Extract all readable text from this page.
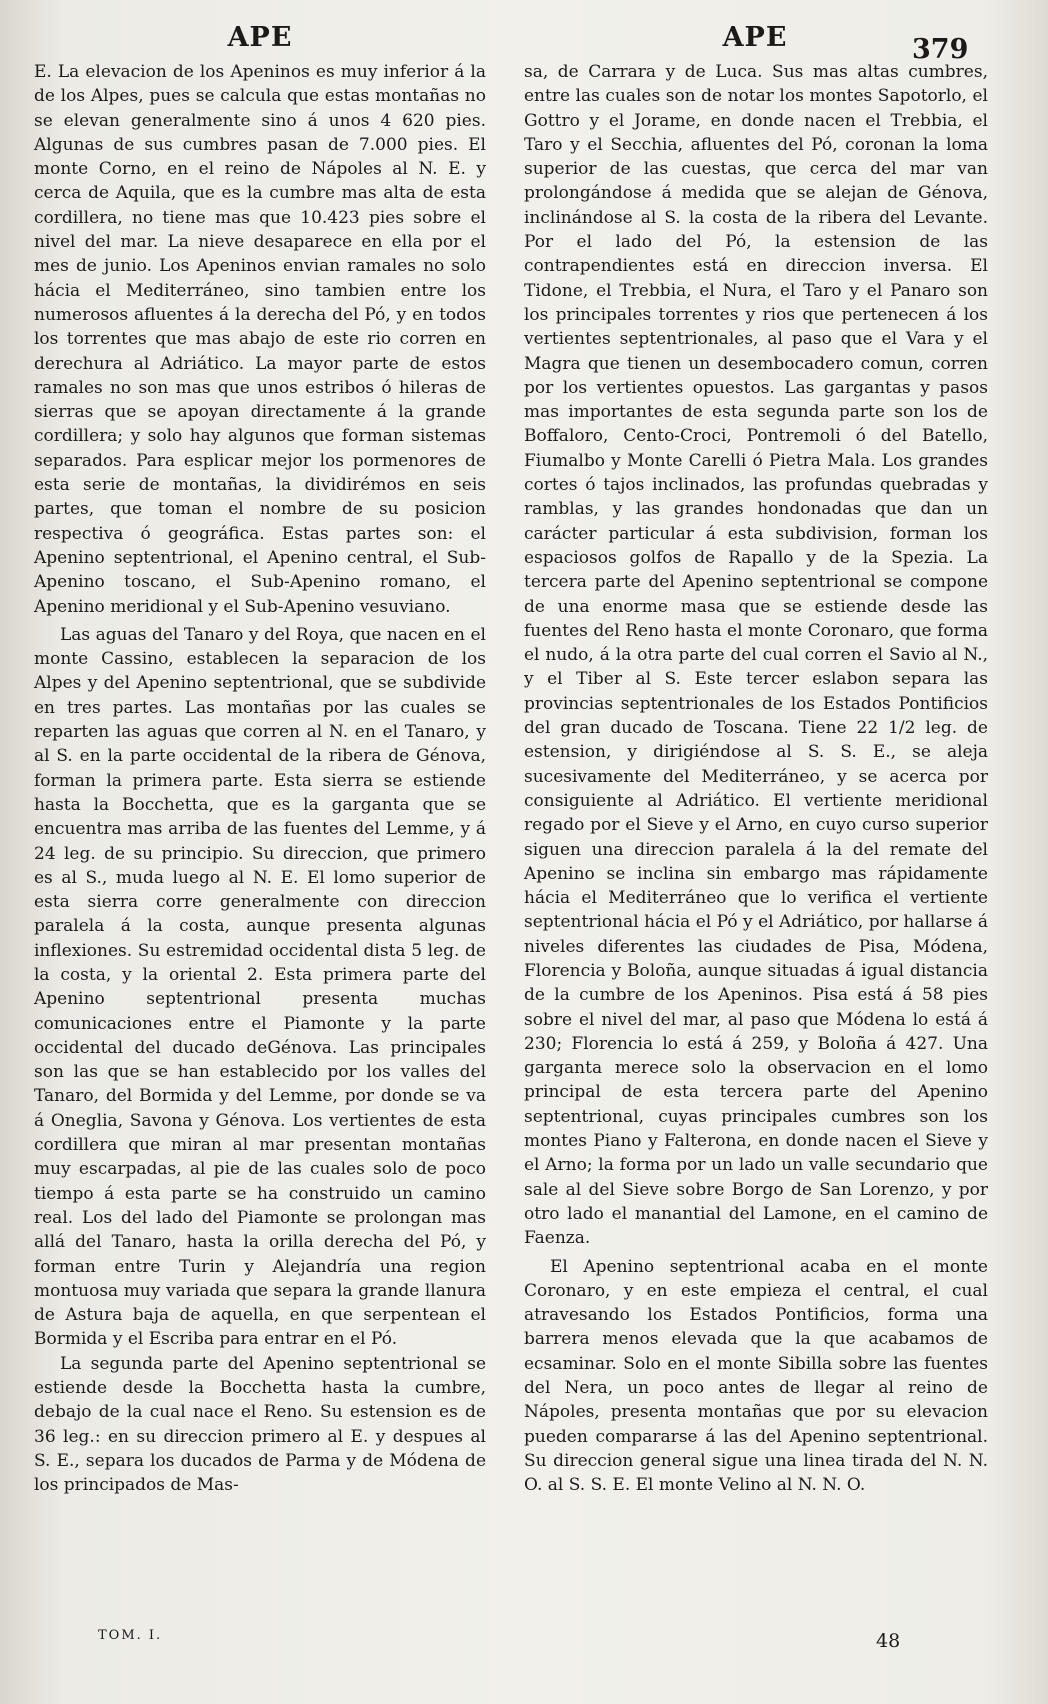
APE	APE	379

E. La elevacion de los Apeninos es muy inferior á la de los Alpes, pues se calcula que estas montañas no se elevan generalmente sino á unos 4 620 pies. Algunas de sus cumbres pasan de 7.000 pies. El monte Corno, en el reino de Nápoles al N. E. y cerca de Aquila, que es la cumbre mas alta de esta cordillera, no tiene mas que 10.423 pies sobre el nivel del mar. La nieve desaparece en ella por el mes de junio. Los Apeninos envian ramales no solo hácia el Mediterráneo, sino tambien entre los numerosos afluentes á la derecha del Pó, y en todos los torrentes que mas abajo de este rio corren en derechura al Adriático. La mayor parte de estos ramales no son mas que unos estribos ó hileras de sierras que se apoyan directamente á la grande cordillera; y solo hay algunos que forman sistemas separados. Para esplicar mejor los pormenores de esta serie de montañas, la dividirémos en seis partes, que toman el nombre de su posicion respectiva ó geográfica. Estas partes son: el Apenino septentrional, el Apenino central, el Sub-Apenino toscano, el Sub-Apenino romano, el Apenino meridional y el Sub-Apenino vesuviano.

Las aguas del Tanaro y del Roya, que nacen en el monte Cassino, establecen la separacion de los Alpes y del Apenino septentrional, que se subdivide en tres partes. Las montañas por las cuales se reparten las aguas que corren al N. en el Tanaro, y al S. en la parte occidental de la ribera de Génova, forman la primera parte. Esta sierra se estiende hasta la Bocchetta, que es la garganta que se encuentra mas arriba de las fuentes del Lemme, y á 24 leg. de su principio. Su direccion, que primero es al S., muda luego al N. E. El lomo superior de esta sierra corre generalmente con direccion paralela á la costa, aunque presenta algunas inflexiones. Su estremidad occidental dista 5 leg. de la costa, y la oriental 2. Esta primera parte del Apenino septentrional presenta muchas comunicaciones entre el Piamonte y la parte occidental del ducado deGénova. Las principales son las que se han establecido por los valles del Tanaro, del Bormida y del Lemme, por donde se va á Oneglia, Savona y Génova. Los vertientes de esta cordillera que miran al mar presentan montañas muy escarpadas, al pie de las cuales solo de poco tiempo á esta parte se ha construido un camino real. Los del lado del Piamonte se prolongan mas allá del Tanaro, hasta la orilla derecha del Pó, y forman entre Turin y Alejandría una region montuosa muy variada que separa la grande llanura de Astura baja de aquella, en que serpentean el Bormida y el Escriba para entrar en el Pó.

La segunda parte del Apenino septentrional se estiende desde la Bocchetta hasta la cumbre, debajo de la cual nace el Reno. Su estension es de 36 leg.: en su direccion primero al E. y despues al S. E., separa los ducados de Parma y de Módena de los principados de Mas-

sa, de Carrara y de Luca. Sus mas altas cumbres, entre las cuales son de notar los montes Sapotorlo, el Gottro y el Jorame, en donde nacen el Trebbia, el Taro y el Secchia, afluentes del Pó, coronan la loma superior de las cuestas, que cerca del mar van prolongándose á medida que se alejan de Génova, inclinándose al S. la costa de la ribera del Levante. Por el lado del Pó, la estension de las contrapendientes está en direccion inversa. El Tidone, el Trebbia, el Nura, el Taro y el Panaro son los principales torrentes y rios que pertenecen á los vertientes septentrionales, al paso que el Vara y el Magra que tienen un desembocadero comun, corren por los vertientes opuestos. Las gargantas y pasos mas importantes de esta segunda parte son los de Boffaloro, Cento-Croci, Pontremoli ó del Batello, Fiumalbo y Monte Carelli ó Pietra Mala. Los grandes cortes ó tajos inclinados, las profundas quebradas y ramblas, y las grandes hondonadas que dan un carácter particular á esta subdivision, forman los espaciosos golfos de Rapallo y de la Spezia. La tercera parte del Apenino septentrional se compone de una enorme masa que se estiende desde las fuentes del Reno hasta el monte Coronaro, que forma el nudo, á la otra parte del cual corren el Savio al N., y el Tiber al S. Este tercer eslabon separa las provincias septentrionales de los Estados Pontificios del gran ducado de Toscana. Tiene 22 1/2 leg. de estension, y dirigiéndose al S. S. E., se aleja sucesivamente del Mediterráneo, y se acerca por consiguiente al Adriático. El vertiente meridional regado por el Sieve y el Arno, en cuyo curso superior siguen una direccion paralela á la del remate del Apenino se inclina sin embargo mas rápidamente hácia el Mediterráneo que lo verifica el vertiente septentrional hácia el Pó y el Adriático, por hallarse á niveles diferentes las ciudades de Pisa, Módena, Florencia y Boloña, aunque situadas á igual distancia de la cumbre de los Apeninos. Pisa está á 58 pies sobre el nivel del mar, al paso que Módena lo está á 230; Florencia lo está á 259, y Boloña á 427. Una garganta merece solo la observacion en el lomo principal de esta tercera parte del Apenino septentrional, cuyas principales cumbres son los montes Piano y Falterona, en donde nacen el Sieve y el Arno; la forma por un lado un valle secundario que sale al del Sieve sobre Borgo de San Lorenzo, y por otro lado el manantial del Lamone, en el camino de Faenza.

El Apenino septentrional acaba en el monte Coronaro, y en este empieza el central, el cual atravesando los Estados Pontificios, forma una barrera menos elevada que la que acabamos de ecsaminar. Solo en el monte Sibilla sobre las fuentes del Nera, un poco antes de llegar al reino de Nápoles, presenta montañas que por su elevacion pueden compararse á las del Apenino septentrional. Su direccion general sigue una linea tirada del N. N. O. al S. S. E. El monte Velino al N. N. O.

TOM. I.	48
